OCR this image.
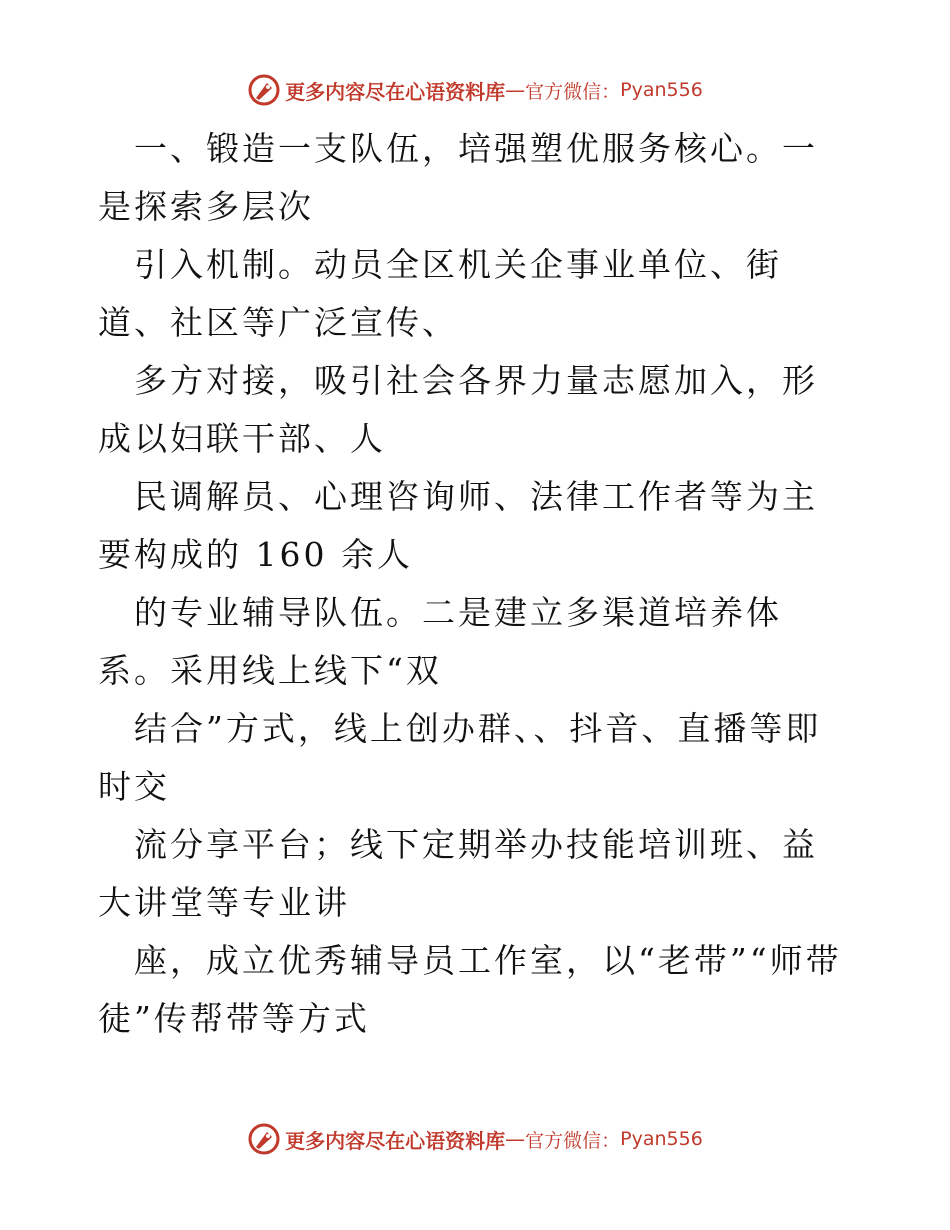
更多内容尽在心语资料库 — 官方微信： Pyan556

一、锻造一支队伍，培强塑优服务核心。一是探索多层次

引入机制。动员全区机关企事业单位、街道、社区等广泛宣传、

多方对接，吸引社会各界力量志愿加入，形成以妇联干部、人

民调解员、心理咨询师、法律工作者等为主要构成的 160 余人

的专业辅导队伍。二是建立多渠道培养体系。采用线上线下“双

结合”方式，线上创办群、、抖音、直播等即时交

流分享平台；线下定期举办技能培训班、益大讲堂等专业讲

座，成立优秀辅导员工作室，以“老带”“师带徒”传帮带等方式

更多内容尽在心语资料库 — 官方微信： Pyan556
